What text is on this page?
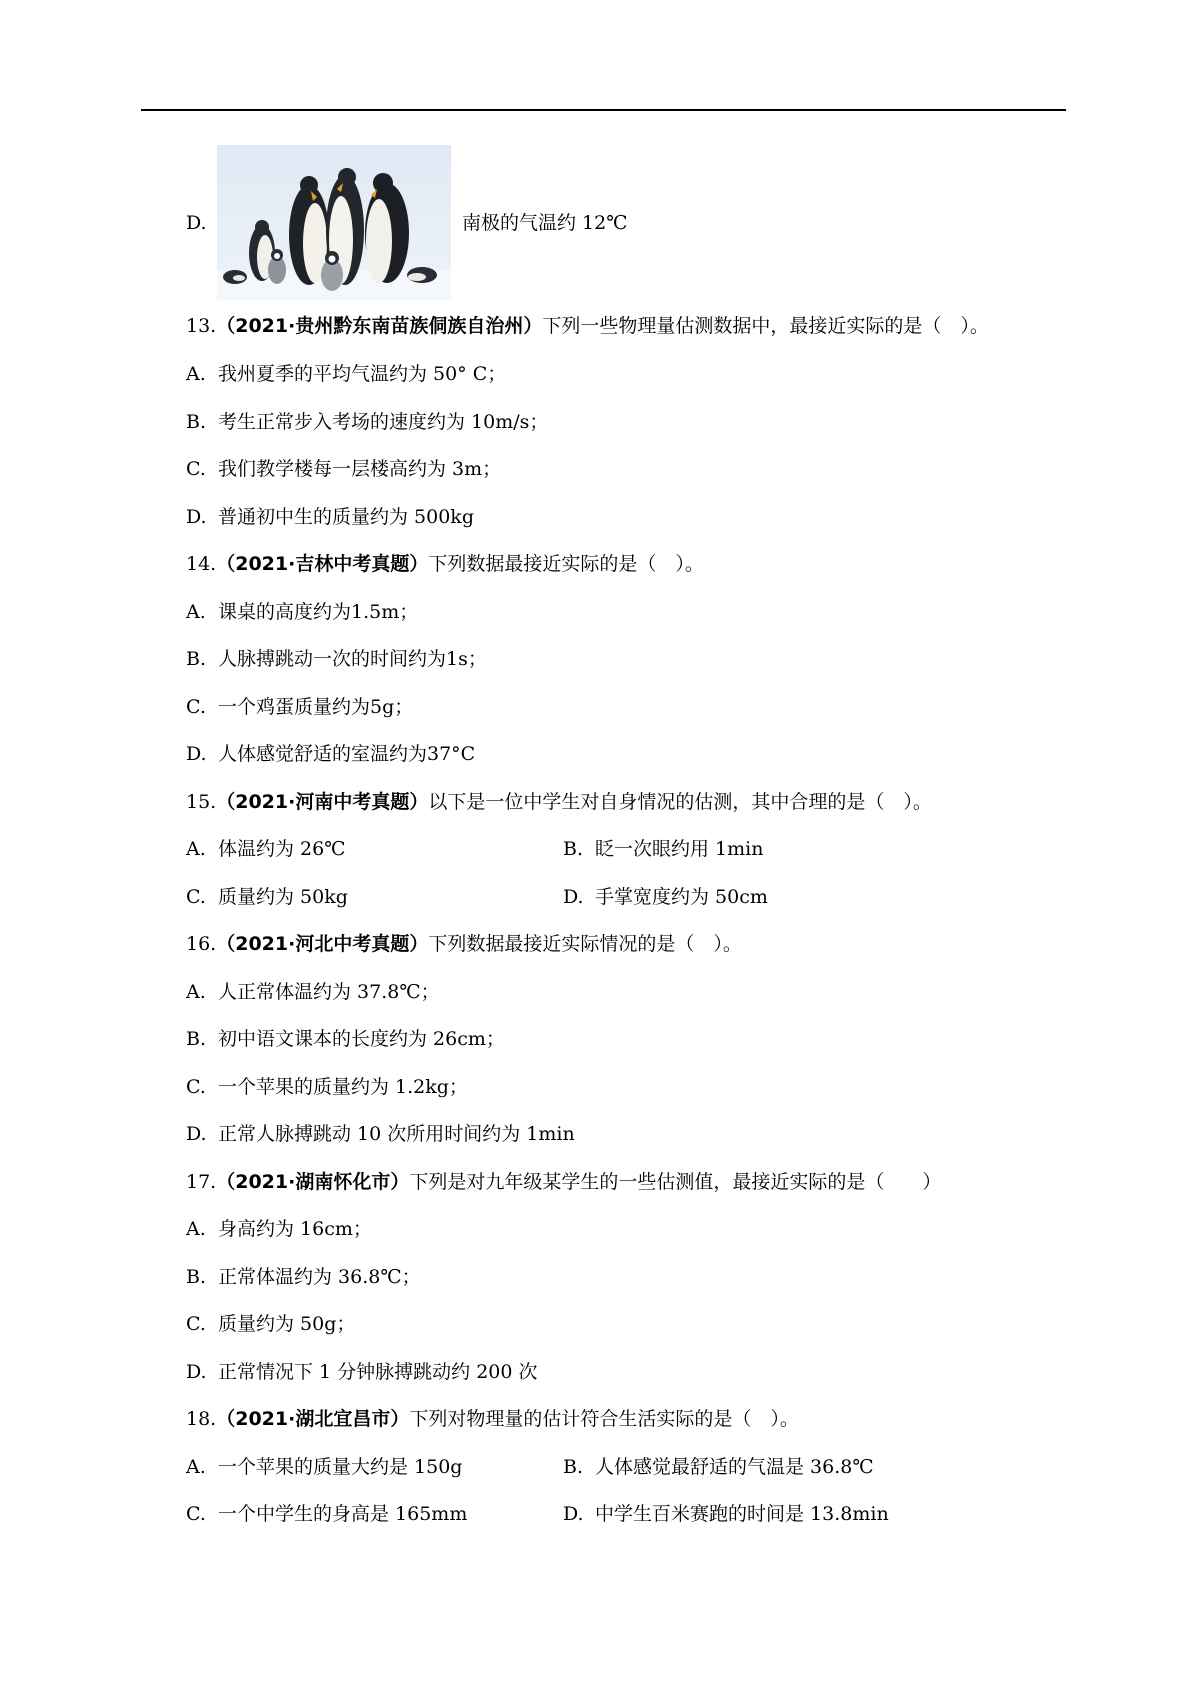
D.	南极的气温约 12℃
13.（2021·贵州黔东南苗族侗族自治州）下列一些物理量估测数据中，最接近实际的是（　）。
A. 我州夏季的平均气温约为 50° C；
B. 考生正常步入考场的速度约为 10m/s；
C. 我们教学楼每一层楼高约为 3m；
D. 普通初中生的质量约为 500kg
14.（2021·吉林中考真题）下列数据最接近实际的是（　）。
A. 课桌的高度约为1.5m；
B. 人脉搏跳动一次的时间约为1s；
C. 一个鸡蛋质量约为5g；
D. 人体感觉舒适的室温约为37°C
15.（2021·河南中考真题）以下是一位中学生对自身情况的估测，其中合理的是（　）。
A. 体温约为 26℃	B. 眨一次眼约用 1min
C. 质量约为 50kg	D. 手掌宽度约为 50cm
16.（2021·河北中考真题）下列数据最接近实际情况的是（　）。
A. 人正常体温约为 37.8℃；
B. 初中语文课本的长度约为 26cm；
C. 一个苹果的质量约为 1.2kg；
D. 正常人脉搏跳动 10 次所用时间约为 1min
17.（2021·湖南怀化市）下列是对九年级某学生的一些估测值，最接近实际的是（　　）
A. 身高约为 16cm；
B. 正常体温约为 36.8℃；
C. 质量约为 50g；
D. 正常情况下 1 分钟脉搏跳动约 200 次
18.（2021·湖北宜昌市）下列对物理量的估计符合生活实际的是（　）。
A. 一个苹果的质量大约是 150g	B. 人体感觉最舒适的气温是 36.8℃
C. 一个中学生的身高是 165mm	D. 中学生百米赛跑的时间是 13.8min
